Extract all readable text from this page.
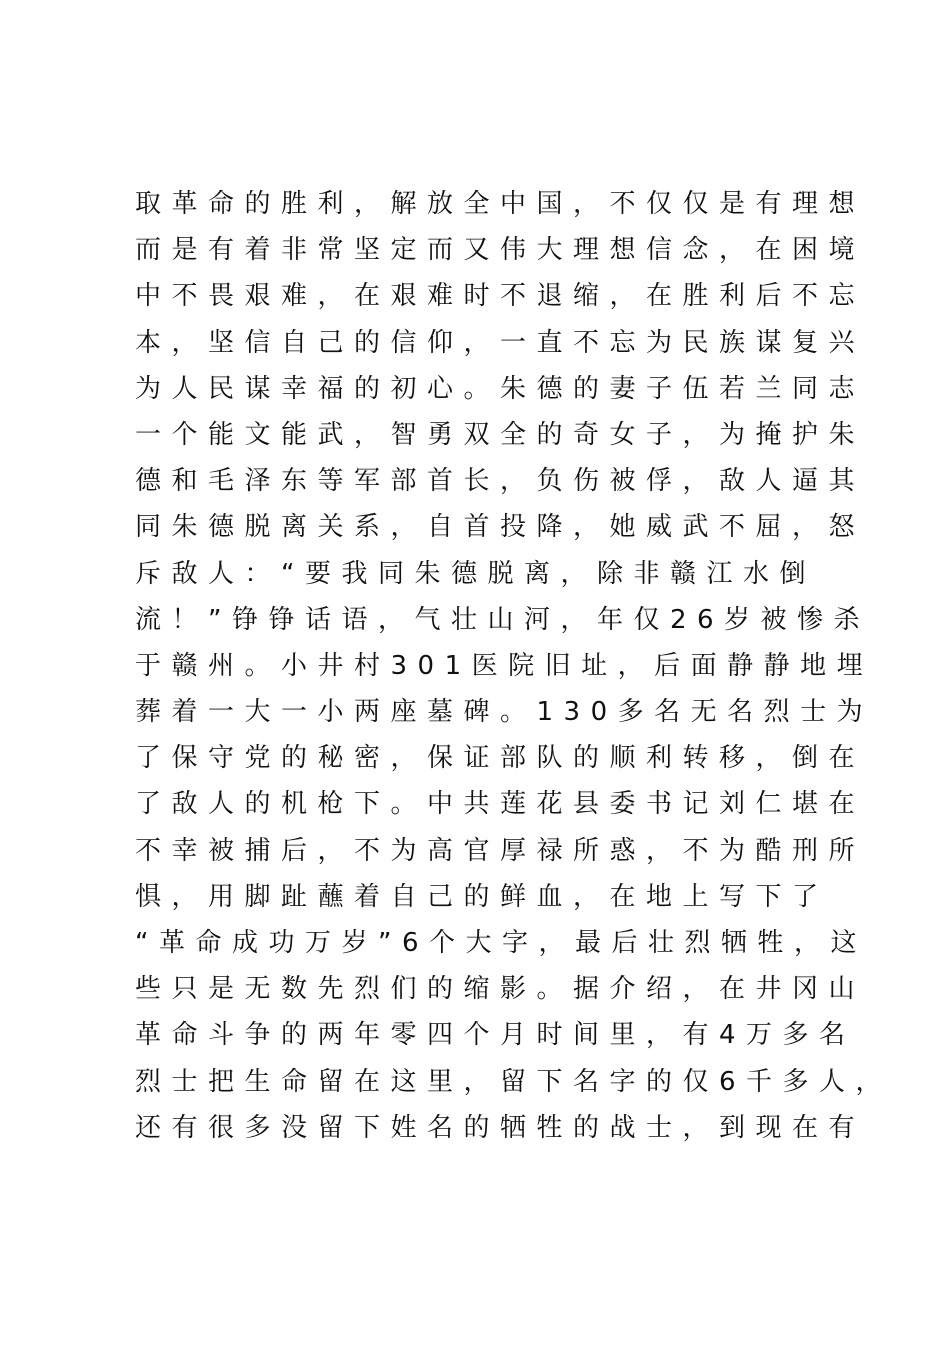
取革命的胜利，解放全中国，不仅仅是有理想
而是有着非常坚定而又伟大理想信念，在困境
中不畏艰难，在艰难时不退缩，在胜利后不忘
本，坚信自己的信仰，一直不忘为民族谋复兴
为人民谋幸福的初心。朱德的妻子伍若兰同志
一个能文能武，智勇双全的奇女子，为掩护朱
德和毛泽东等军部首长，负伤被俘，敌人逼其
同朱德脱离关系，自首投降，她威武不屈，怒
斥敌人：“要我同朱德脱离，除非赣江水倒
流！”铮铮话语，气壮山河，年仅26岁被惨杀
于赣州。小井村301医院旧址，后面静静地埋
葬着一大一小两座墓碑。130多名无名烈士为
了保守党的秘密，保证部队的顺利转移，倒在
了敌人的机枪下。中共莲花县委书记刘仁堪在
不幸被捕后，不为高官厚禄所惑，不为酷刑所
惧，用脚趾蘸着自己的鲜血，在地上写下了
“革命成功万岁”6个大字，最后壮烈牺牲，这
些只是无数先烈们的缩影。据介绍，在井冈山
革命斗争的两年零四个月时间里，有4万多名
烈士把生命留在这里，留下名字的仅6千多人，
还有很多没留下姓名的牺牲的战士，到现在有
